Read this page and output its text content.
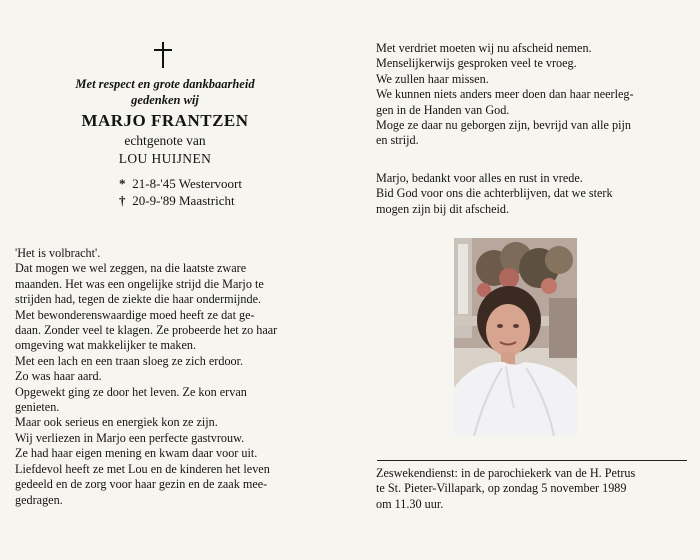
Met respect en grote dankbaarheid
gedenken wij
MARJO FRANTZEN
echtgenote van
LOU HUIJNEN
* 21-8-'45 Westervoort
† 20-9-'89 Maastricht
'Het is volbracht'.
Dat mogen we wel zeggen, na die laatste zware
maanden. Het was een ongelijke strijd die Marjo te
strijden had, tegen de ziekte die haar ondermijnde.
Met bewonderenswaardige moed heeft ze dat ge-
daan. Zonder veel te klagen. Ze probeerde het zo haar
omgeving wat makkelijker te maken.
Met een lach en een traan sloeg ze zich erdoor.
Zo was haar aard.
Opgewekt ging ze door het leven. Ze kon ervan
genieten.
Maar ook serieus en energiek kon ze zijn.
Wij verliezen in Marjo een perfecte gastvrouw.
Ze had haar eigen mening en kwam daar voor uit.
Liefdevol heeft ze met Lou en de kinderen het leven
gedeeld en de zorg voor haar gezin en de zaak mee-
gedragen.
Met verdriet moeten wij nu afscheid nemen.
Menselijkerwijs gesproken veel te vroeg.
We zullen haar missen.
We kunnen niets anders meer doen dan haar neerleg-
gen in de Handen van God.
Moge ze daar nu geborgen zijn, bevrijd van alle pijn
en strijd.
Marjo, bedankt voor alles en rust in vrede.
Bid God voor ons die achterblijven, dat we sterk
mogen zijn bij dit afscheid.
Zeswekendienst: in de parochiekerk van de H. Petrus
te St. Pieter-Villapark, op zondag 5 november 1989
om 11.30 uur.
